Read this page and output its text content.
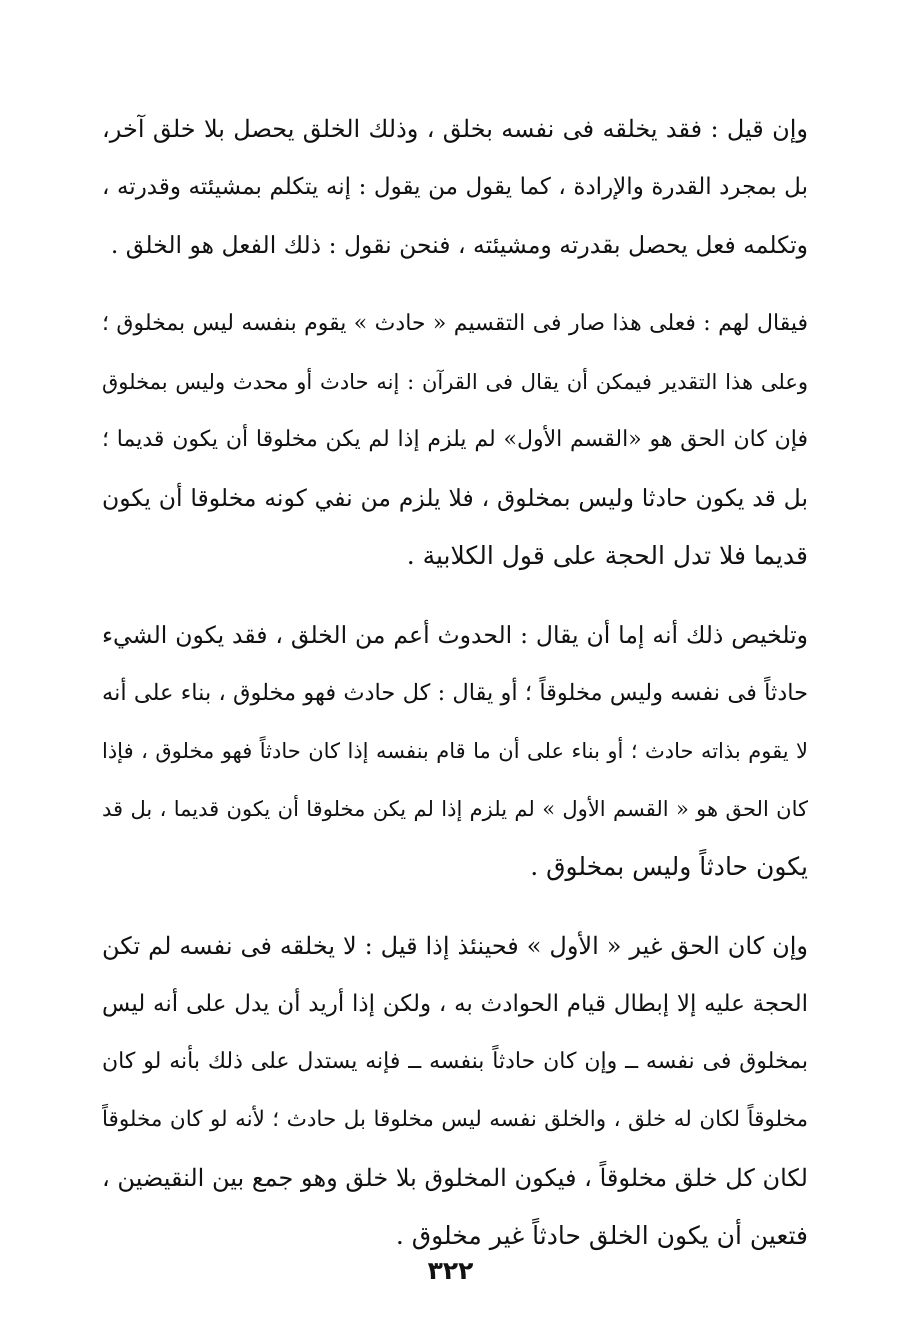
وإن قيل : فقد يخلقه فى نفسه بخلق ، وذلك الخلق يحصل بلا خلق آخر،
بل بمجرد القدرة والإرادة ، كما يقول من يقول : إنه يتكلم بمشيئته وقدرته ،
وتكلمه فعل يحصل بقدرته ومشيئته ، فنحن نقول : ذلك الفعل هو الخلق .
فيقال لهم : فعلى هذا صار فى التقسيم « حادث » يقوم بنفسه ليس بمخلوق ؛
وعلى هذا التقدير فيمكن أن يقال فى القرآن : إنه حادث أو محدث وليس بمخلوق
فإن كان الحق هو «القسم الأول» لم يلزم إذا لم يكن مخلوقا أن يكون قديما ؛
بل قد يكون حادثا وليس بمخلوق ، فلا يلزم من نفي كونه مخلوقا أن يكون
قديما فلا تدل الحجة على قول الكلابية .
وتلخيص ذلك أنه إما أن يقال : الحدوث أعم من الخلق ، فقد يكون الشيء
حادثاً فى نفسه وليس مخلوقاً ؛ أو يقال : كل حادث فهو مخلوق ، بناء على أنه
لا يقوم بذاته حادث ؛ أو بناء على أن ما قام بنفسه إذا كان حادثاً فهو مخلوق ، فإذا
كان الحق هو « القسم الأول » لم يلزم إذا لم يكن مخلوقا أن يكون قديما ، بل قد
يكون حادثاً وليس بمخلوق .
وإن كان الحق غير « الأول » فحينئذ إذا قيل : لا يخلقه فى نفسه لم تكن
الحجة عليه إلا إبطال قيام الحوادث به ، ولكن إذا أريد أن يدل على أنه ليس
بمخلوق فى نفسه ــ وإن كان حادثاً بنفسه ــ فإنه يستدل على ذلك بأنه لو كان
مخلوقاً لكان له خلق ، والخلق نفسه ليس مخلوقا بل حادث ؛ لأنه لو كان مخلوقاً
لكان كل خلق مخلوقاً ، فيكون المخلوق بلا خلق وهو جمع بين النقيضين ،
فتعين أن يكون الخلق حادثاً غير مخلوق .
٣٢٢
